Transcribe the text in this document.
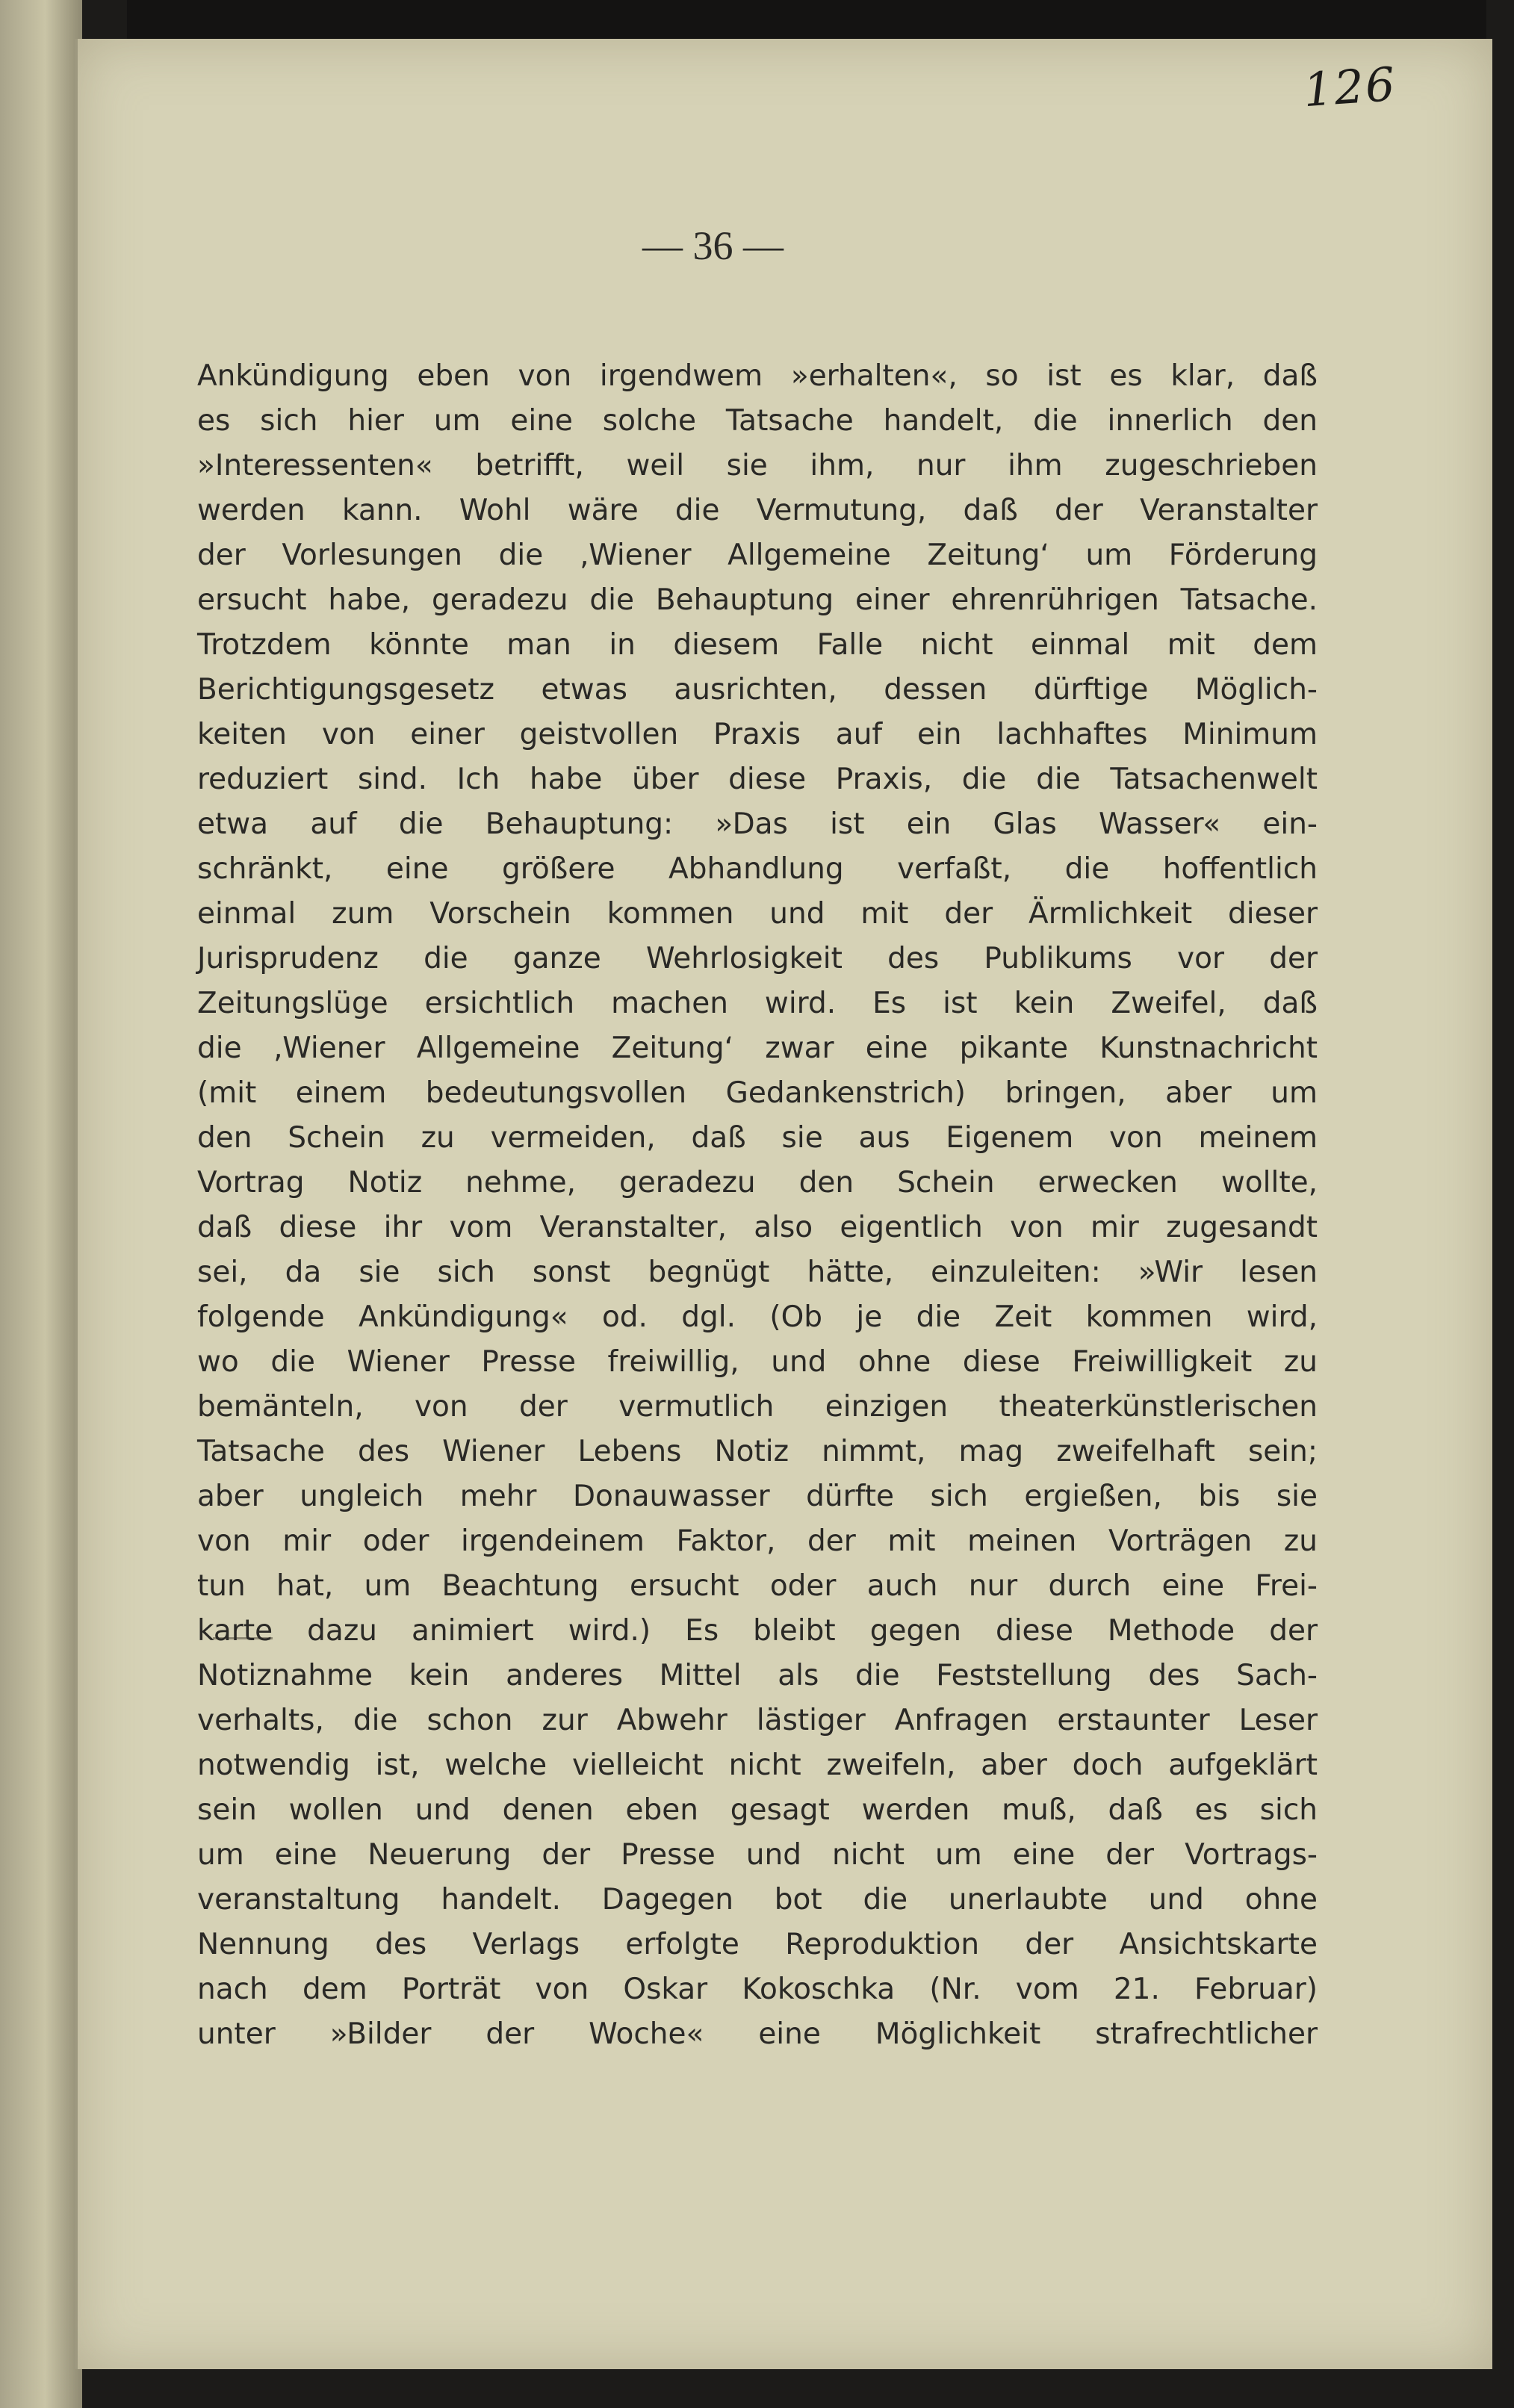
126
— 36 —
Ankündigung eben von irgendwem »erhalten«, so ist es klar, daß
es sich hier um eine solche Tatsache handelt, die innerlich den
»Interessenten« betrifft, weil sie ihm, nur ihm zugeschrieben
werden kann. Wohl wäre die Vermutung, daß der Veranstalter
der Vorlesungen die ‚Wiener Allgemeine Zeitung‘ um Förderung
ersucht habe, geradezu die Behauptung einer ehrenrührigen Tatsache.
Trotzdem könnte man in diesem Falle nicht einmal mit dem
Berichtigungsgesetz etwas ausrichten, dessen dürftige Möglich-
keiten von einer geistvollen Praxis auf ein lachhaftes Minimum
reduziert sind. Ich habe über diese Praxis, die die Tatsachenwelt
etwa auf die Behauptung: »Das ist ein Glas Wasser« ein-
schränkt, eine größere Abhandlung verfaßt, die hoffentlich
einmal zum Vorschein kommen und mit der Ärmlichkeit dieser
Jurisprudenz die ganze Wehrlosigkeit des Publikums vor der
Zeitungslüge ersichtlich machen wird. Es ist kein Zweifel, daß
die ‚Wiener Allgemeine Zeitung‘ zwar eine pikante Kunstnachricht
(mit einem bedeutungsvollen Gedankenstrich) bringen, aber um
den Schein zu vermeiden, daß sie aus Eigenem von meinem
Vortrag Notiz nehme, geradezu den Schein erwecken wollte,
daß diese ihr vom Veranstalter, also eigentlich von mir zugesandt
sei, da sie sich sonst begnügt hätte, einzuleiten: »Wir lesen
folgende Ankündigung« od. dgl. (Ob je die Zeit kommen wird,
wo die Wiener Presse freiwillig, und ohne diese Freiwilligkeit zu
bemänteln, von der vermutlich einzigen theaterkünstlerischen
Tatsache des Wiener Lebens Notiz nimmt, mag zweifelhaft sein;
aber ungleich mehr Donauwasser dürfte sich ergießen, bis sie
von mir oder irgendeinem Faktor, der mit meinen Vorträgen zu
tun hat, um Beachtung ersucht oder auch nur durch eine Frei-
karte dazu animiert wird.) Es bleibt gegen diese Methode der
Notiznahme kein anderes Mittel als die Feststellung des Sach-
verhalts, die schon zur Abwehr lästiger Anfragen erstaunter Leser
notwendig ist, welche vielleicht nicht zweifeln, aber doch aufgeklärt
sein wollen und denen eben gesagt werden muß, daß es sich
um eine Neuerung der Presse und nicht um eine der Vortrags-
veranstaltung handelt. Dagegen bot die unerlaubte und ohne
Nennung des Verlags erfolgte Reproduktion der Ansichtskarte
nach dem Porträt von Oskar Kokoschka (Nr. vom 21. Februar)
unter »Bilder der Woche« eine Möglichkeit strafrechtlicher
